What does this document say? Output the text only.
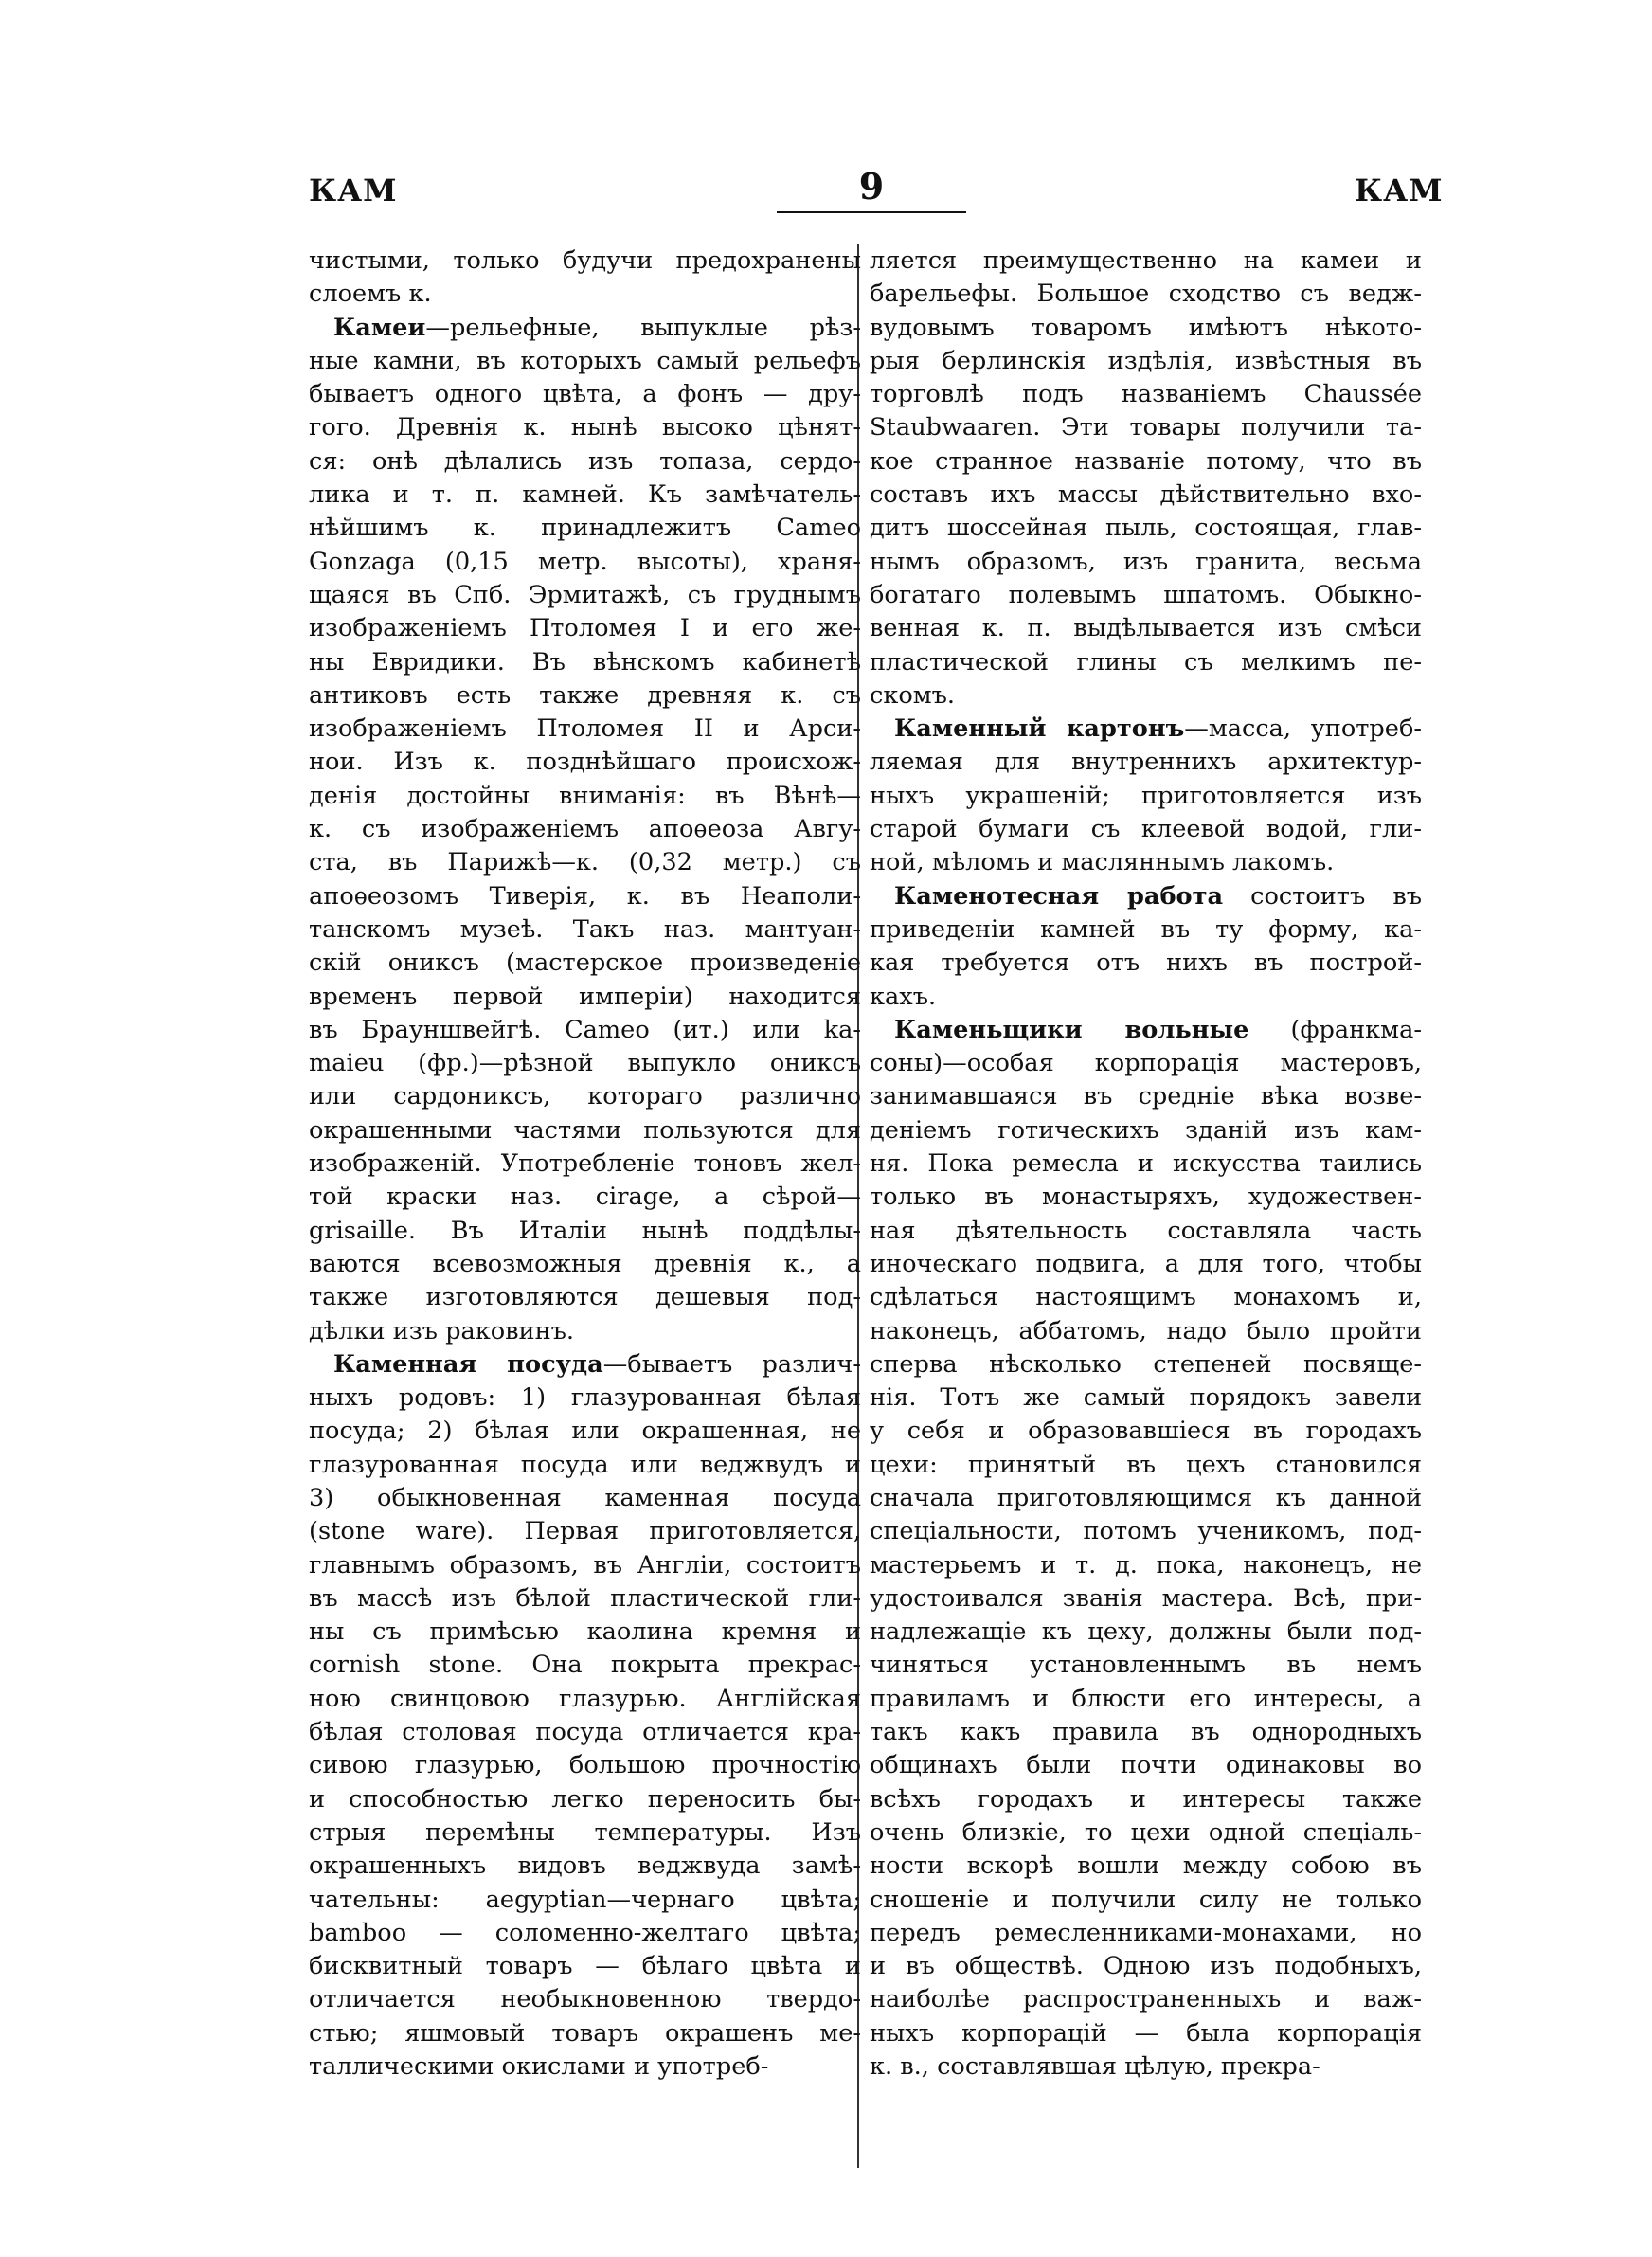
КАМ	9	КАМ
чистыми, только будучи предохранены
слоемъ к.
Камеи—рельефные, выпуклые рѣз-
ные камни, въ которыхъ самый рельефъ
бываетъ одного цвѣта, а фонъ — дру-
гого. Древнія к. нынѣ высоко цѣнят-
ся: онѣ дѣлались изъ топаза, сердо-
лика и т. п. камней. Къ замѣчатель-
нѣйшимъ к. принадлежитъ Cameo
Gonzaga (0,15 метр. высоты), храня-
щаяся въ Спб. Эрмитажѣ, съ груднымъ
изображеніемъ Птоломея I и его же-
ны Евридики. Въ вѣнскомъ кабинетѣ
антиковъ есть также древняя к. съ
изображеніемъ Птоломея II и Арси-
нои. Изъ к. позднѣйшаго происхож-
денія достойны вниманія: въ Вѣнѣ—
к. съ изображеніемъ апоѳеоза Авгу-
ста, въ Парижѣ—к. (0,32 метр.) съ
апоѳеозомъ Тиверія, к. въ Неаполи-
танскомъ музеѣ. Такъ наз. мантуан-
скій ониксъ (мастерское произведеніе
временъ первой имперіи) находится
въ Брауншвейгѣ. Cameo (ит.) или ka-
maieu (фр.)—рѣзной выпукло ониксъ
или сардониксъ, котораго различно
окрашенными частями пользуются для
изображеній. Употребленіе тоновъ жел-
той краски наз. cirage, а сѣрой—
grisaille. Въ Италіи нынѣ поддѣлы-
ваются всевозможныя древнія к., а
также изготовляются дешевыя под-
дѣлки изъ раковинъ.
Каменная посуда—бываетъ различ-
ныхъ родовъ: 1) глазурованная бѣлая
посуда; 2) бѣлая или окрашенная, не
глазурованная посуда или веджвудъ и
3) обыкновенная каменная посуда
(stone ware). Первая приготовляется,
главнымъ образомъ, въ Англіи, состоитъ
въ массѣ изъ бѣлой пластической гли-
ны съ примѣсью каолина кремня и
cornish stone. Она покрыта прекрас-
ною свинцовою глазурью. Англійская
бѣлая столовая посуда отличается кра-
сивою глазурью, большою прочностію
и способностью легко переносить бы-
стрыя перемѣны температуры. Изъ
окрашенныхъ видовъ веджвуда замѣ-
чательны: aegyptian—чернаго цвѣта;
bamboo — соломенно-желтаго цвѣта;
бисквитный товаръ — бѣлаго цвѣта и
отличается необыкновенною твердо-
стью; яшмовый товаръ окрашенъ ме-
таллическими окислами и употреб-
ляется преимущественно на камеи и
барельефы. Большое сходство съ ведж-
вудовымъ товаромъ имѣютъ нѣкото-
рыя берлинскія издѣлія, извѣстныя въ
торговлѣ подъ названіемъ Chaussée
Staubwaaren. Эти товары получили та-
кое странное названіе потому, что въ
составъ ихъ массы дѣйствительно вхо-
дитъ шоссейная пыль, состоящая, глав-
нымъ образомъ, изъ гранита, весьма
богатаго полевымъ шпатомъ. Обыкно-
венная к. п. выдѣлывается изъ смѣси
пластической глины съ мелкимъ пе-
скомъ.
Каменный картонъ—масса, употреб-
ляемая для внутреннихъ архитектур-
ныхъ украшеній; приготовляется изъ
старой бумаги съ клеевой водой, гли-
ной, мѣломъ и масляннымъ лакомъ.
Каменотесная работа состоитъ въ
приведеніи камней въ ту форму, ка-
кая требуется отъ нихъ въ построй-
кахъ.
Каменьщики вольные (франкма-
соны)—особая корпорація мастеровъ,
занимавшаяся въ средніе вѣка возве-
деніемъ готическихъ зданій изъ кам-
ня. Пока ремесла и искусства таились
только въ монастыряхъ, художествен-
ная дѣятельность составляла часть
иноческаго подвига, а для того, чтобы
сдѣлаться настоящимъ монахомъ и,
наконецъ, аббатомъ, надо было пройти
сперва нѣсколько степеней посвяще-
нія. Тотъ же самый порядокъ завели
у себя и образовавшіеся въ городахъ
цехи: принятый въ цехъ становился
сначала приготовляющимся къ данной
спеціальности, потомъ ученикомъ, под-
мастерьемъ и т. д. пока, наконецъ, не
удостоивался званія мастера. Всѣ, при-
надлежащіе къ цеху, должны были под-
чиняться установленнымъ въ немъ
правиламъ и блюсти его интересы, а
такъ какъ правила въ однородныхъ
общинахъ были почти одинаковы во
всѣхъ городахъ и интересы также
очень близкіе, то цехи одной спеціаль-
ности вскорѣ вошли между собою въ
сношеніе и получили силу не только
передъ ремесленниками-монахами, но
и въ обществѣ. Одною изъ подобныхъ,
наиболѣе распространенныхъ и важ-
ныхъ корпорацій — была корпорація
к. в., составлявшая цѣлую, прекра-
